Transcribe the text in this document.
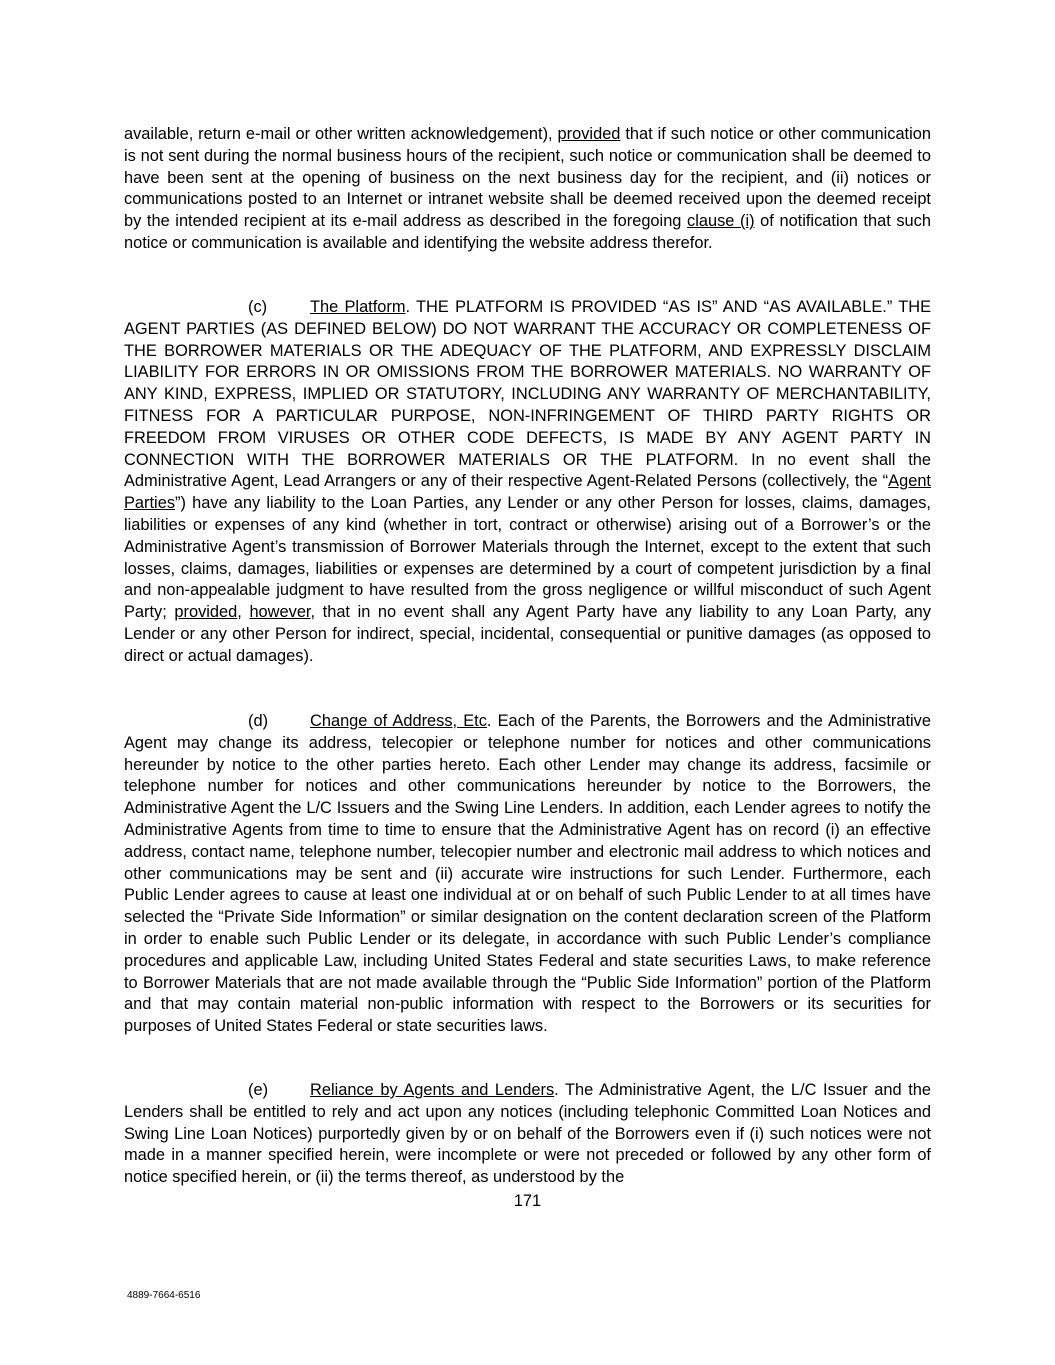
available, return e-mail or other written acknowledgement), provided that if such notice or other communication is not sent during the normal business hours of the recipient, such notice or communication shall be deemed to have been sent at the opening of business on the next business day for the recipient, and (ii) notices or communications posted to an Internet or intranet website shall be deemed received upon the deemed receipt by the intended recipient at its e-mail address as described in the foregoing clause (i) of notification that such notice or communication is available and identifying the website address therefor.

(c)	The Platform. THE PLATFORM IS PROVIDED “AS IS” AND “AS AVAILABLE.” THE AGENT PARTIES (AS DEFINED BELOW) DO NOT WARRANT THE ACCURACY OR COMPLETENESS OF THE BORROWER MATERIALS OR THE ADEQUACY OF THE PLATFORM, AND EXPRESSLY DISCLAIM LIABILITY FOR ERRORS IN OR OMISSIONS FROM THE BORROWER MATERIALS. NO WARRANTY OF ANY KIND, EXPRESS, IMPLIED OR STATUTORY, INCLUDING ANY WARRANTY OF MERCHANTABILITY, FITNESS FOR A PARTICULAR PURPOSE, NON-INFRINGEMENT OF THIRD PARTY RIGHTS OR FREEDOM FROM VIRUSES OR OTHER CODE DEFECTS, IS MADE BY ANY AGENT PARTY IN CONNECTION WITH THE BORROWER MATERIALS OR THE PLATFORM. In no event shall the Administrative Agent, Lead Arrangers or any of their respective Agent-Related Persons (collectively, the “Agent Parties”) have any liability to the Loan Parties, any Lender or any other Person for losses, claims, damages, liabilities or expenses of any kind (whether in tort, contract or otherwise) arising out of a Borrower’s or the Administrative Agent’s transmission of Borrower Materials through the Internet, except to the extent that such losses, claims, damages, liabilities or expenses are determined by a court of competent jurisdiction by a final and non-appealable judgment to have resulted from the gross negligence or willful misconduct of such Agent Party; provided, however, that in no event shall any Agent Party have any liability to any Loan Party, any Lender or any other Person for indirect, special, incidental, consequential or punitive damages (as opposed to direct or actual damages).

(d)	Change of Address, Etc. Each of the Parents, the Borrowers and the Administrative Agent may change its address, telecopier or telephone number for notices and other communications hereunder by notice to the other parties hereto. Each other Lender may change its address, facsimile or telephone number for notices and other communications hereunder by notice to the Borrowers, the Administrative Agent the L/C Issuers and the Swing Line Lenders. In addition, each Lender agrees to notify the Administrative Agents from time to time to ensure that the Administrative Agent has on record (i) an effective address, contact name, telephone number, telecopier number and electronic mail address to which notices and other communications may be sent and (ii) accurate wire instructions for such Lender. Furthermore, each Public Lender agrees to cause at least one individual at or on behalf of such Public Lender to at all times have selected the “Private Side Information” or similar designation on the content declaration screen of the Platform in order to enable such Public Lender or its delegate, in accordance with such Public Lender’s compliance procedures and applicable Law, including United States Federal and state securities Laws, to make reference to Borrower Materials that are not made available through the “Public Side Information” portion of the Platform and that may contain material non-public information with respect to the Borrowers or its securities for purposes of United States Federal or state securities laws.

(e)	Reliance by Agents and Lenders. The Administrative Agent, the L/C Issuer and the Lenders shall be entitled to rely and act upon any notices (including telephonic Committed Loan Notices and Swing Line Loan Notices) purportedly given by or on behalf of the Borrowers even if (i) such notices were not made in a manner specified herein, were incomplete or were not preceded or followed by any other form of notice specified herein, or (ii) the terms thereof, as understood by the

171
4889-7664-6516
